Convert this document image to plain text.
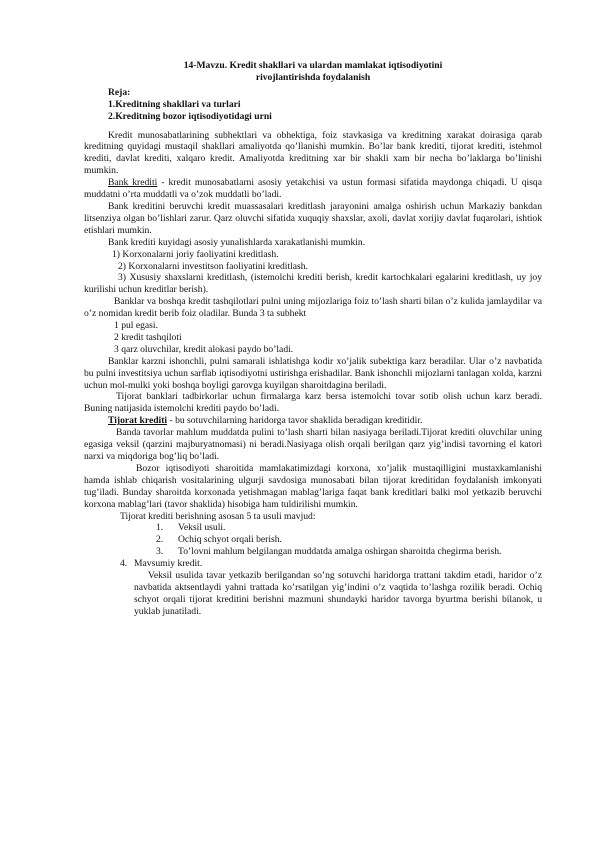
14-Mavzu. Kredit shakllari va ulardan mamlakat iqtisodiyotini
rivojlantirishda foydalanish
Reja:
1.Kreditning shakllari va turlari
2.Kreditning bozor iqtisodiyotidagi urni

Kredit munosabatlarining subhektlari va obhektiga, foiz stavkasiga va kreditning xarakat doirasiga qarab kreditning quyidagi mustaqil shakllari amaliyotda qo’llanishi mumkin. Bo’lar bank krediti, tijorat krediti, istehmol krediti, davlat krediti, xalqaro kredit. Amaliyotda kreditning xar bir shakli xam bir necha bo’laklarga bo’linishi mumkin.

Bank krediti - kredit munosabatlarni asosiy yetakchisi va ustun formasi sifatida maydonga chiqadi. U qisqa muddatni o’rta muddatli va o’zok muddatli bo’ladi.

Bank kreditini beruvchi kredit muassasalari kreditlash jarayonini amalga oshirish uchun Markaziy bankdan litsenziya olgan bo’lishlari zarur. Qarz oluvchi sifatida xuquqiy shaxslar, axoli, davlat xorijiy davlat fuqarolari, ishtiok etishlari mumkin.

Bank krediti kuyidagi asosiy yunalishlarda xarakatlanishi mumkin.

1) Korxonalarni joriy faoliyatini kreditlash.
2) Korxonalarni investitson faoliyatini kreditlash.

3) Xususiy shaxslarni kreditlash, (istemolchi krediti berish, kredit kartochkalari egalarini kreditlash, uy joy kurilishi uchun kreditlar berish).

Banklar va boshqa kredit tashqilotlari pulni uning mijozlariga foiz to’lash sharti bilan o’z kulida jamlaydilar va o’z nomidan kredit berib foiz oladilar. Bunda 3 ta subhekt

1 pul egasi.
2 kredit tashqiloti
3 qarz oluvchilar, kredit alokasi paydo bo’ladi.

Banklar karzni ishonchli, pulni samarali ishlatishga kodir xo’jalik subektiga karz beradilar. Ular o’z navbatida bu pulni investitsiya uchun sarflab iqtisodiyotni ustirishga erishadilar. Bank ishonchli mijozlarni tanlagan xolda, karzni uchun mol-mulki yoki boshqa boyligi garovga kuyilgan sharoitdagina beriladi.

Tijorat banklari tadbirkorlar uchun firmalarga karz bersa istemolchi tovar sotib olish uchun karz beradi. Buning natijasida istemolchi krediti paydo bo’ladi.

Tijorat krediti - bu sotuvchilarning haridorga tavor shaklida beradigan kreditidir.

Banda tavorlar mahlum muddatda pulini to’lash sharti bilan nasiyaga beriladi.Tijorat krediti oluvchilar uning egasiga veksil (qarzini majburyatnomasi) ni beradi.Nasiyaga olish orqali berilgan qarz yig’indisi tavorning el katori narxi va miqdoriga bog’liq bo’ladi.

Bozor iqtisodiyoti sharoitida mamlakatimizdagi korxona, xo’jalik mustaqilligini mustaxkamlanishi hamda ishlab chiqarish vositalarining ulgurji savdosiga munosabati bilan tijorat kreditidan foydalanish imkonyati tug’iladi. Bunday sharoitda korxonada yetishmagan mablag’lariga faqat bank kreditlari balki mol yetkazib beruvchi korxona mablag’lari (tavor shaklida) hisobiga ham tuldirilishi mumkin.

Tijorat krediti berishning asosan 5 ta usuli mavjud:
1.	Veksil usuli.
2.	Ochiq schyot orqali berish.

3. To’lovni mahlum belgilangan muddatda amalga oshirgan sharoitda chegirma berish.

4. Mavsumiy kredit.

Veksil usulida tavar yetkazib berilgandan so’ng sotuvchi haridorga trattani takdim etadi, haridor o’z navbatida aktsentlaydi yahni trattada ko’rsatilgan yig’indini o’z vaqtida to’lashga rozilik beradi. Ochiq schyot orqali tijorat kreditini berishni mazmuni shundayki haridor tavorga byurtma berishi bilanok, u yuklab junatiladi.
